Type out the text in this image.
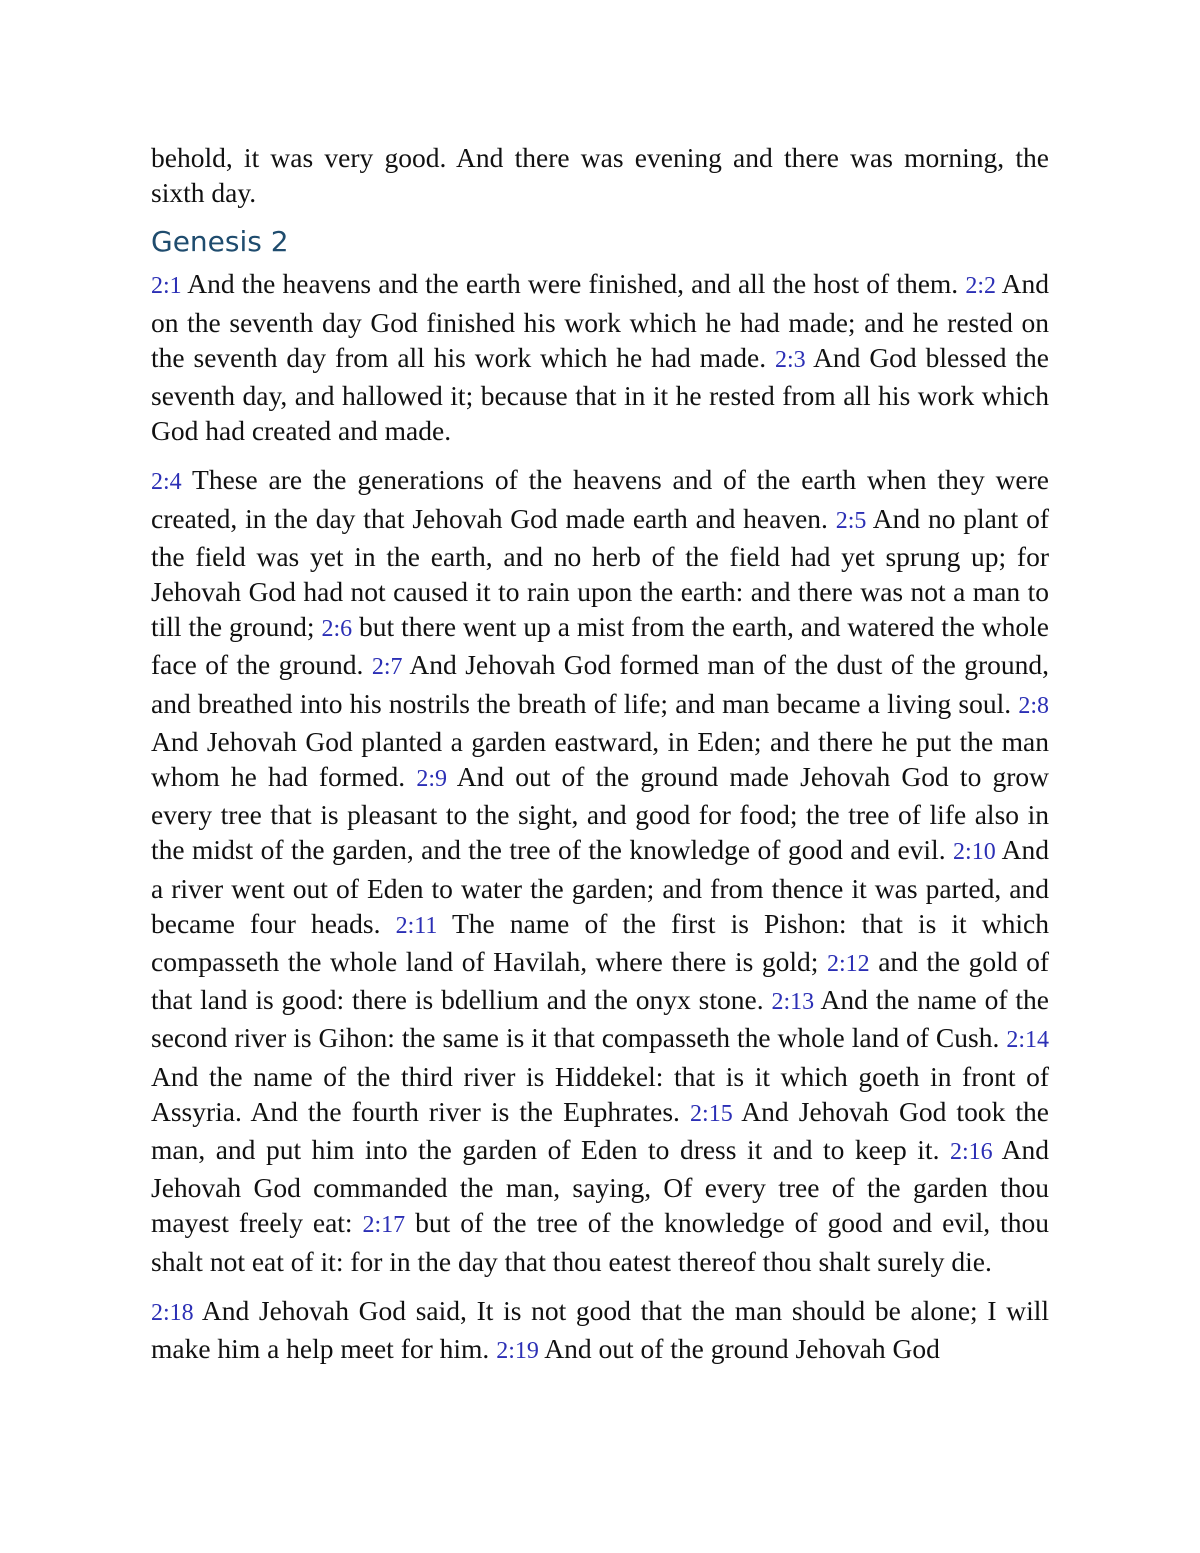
behold, it was very good. And there was evening and there was morning, the sixth day.

Genesis 2

2:1 And the heavens and the earth were finished, and all the host of them. 2:2 And on the seventh day God finished his work which he had made; and he rested on the seventh day from all his work which he had made. 2:3 And God blessed the seventh day, and hallowed it; because that in it he rested from all his work which God had created and made.

2:4 These are the generations of the heavens and of the earth when they were created, in the day that Jehovah God made earth and heaven. 2:5 And no plant of the field was yet in the earth, and no herb of the field had yet sprung up; for Jehovah God had not caused it to rain upon the earth: and there was not a man to till the ground; 2:6 but there went up a mist from the earth, and watered the whole face of the ground. 2:7 And Jehovah God formed man of the dust of the ground, and breathed into his nostrils the breath of life; and man became a living soul. 2:8 And Jehovah God planted a garden eastward, in Eden; and there he put the man whom he had formed. 2:9 And out of the ground made Jehovah God to grow every tree that is pleasant to the sight, and good for food; the tree of life also in the midst of the garden, and the tree of the knowledge of good and evil. 2:10 And a river went out of Eden to water the garden; and from thence it was parted, and became four heads. 2:11 The name of the first is Pishon: that is it which compasseth the whole land of Havilah, where there is gold; 2:12 and the gold of that land is good: there is bdellium and the onyx stone. 2:13 And the name of the second river is Gihon: the same is it that compasseth the whole land of Cush. 2:14 And the name of the third river is Hiddekel: that is it which goeth in front of Assyria. And the fourth river is the Euphrates. 2:15 And Jehovah God took the man, and put him into the garden of Eden to dress it and to keep it. 2:16 And Jehovah God commanded the man, saying, Of every tree of the garden thou mayest freely eat: 2:17 but of the tree of the knowledge of good and evil, thou shalt not eat of it: for in the day that thou eatest thereof thou shalt surely die.

2:18 And Jehovah God said, It is not good that the man should be alone; I will make him a help meet for him. 2:19 And out of the ground Jehovah God
